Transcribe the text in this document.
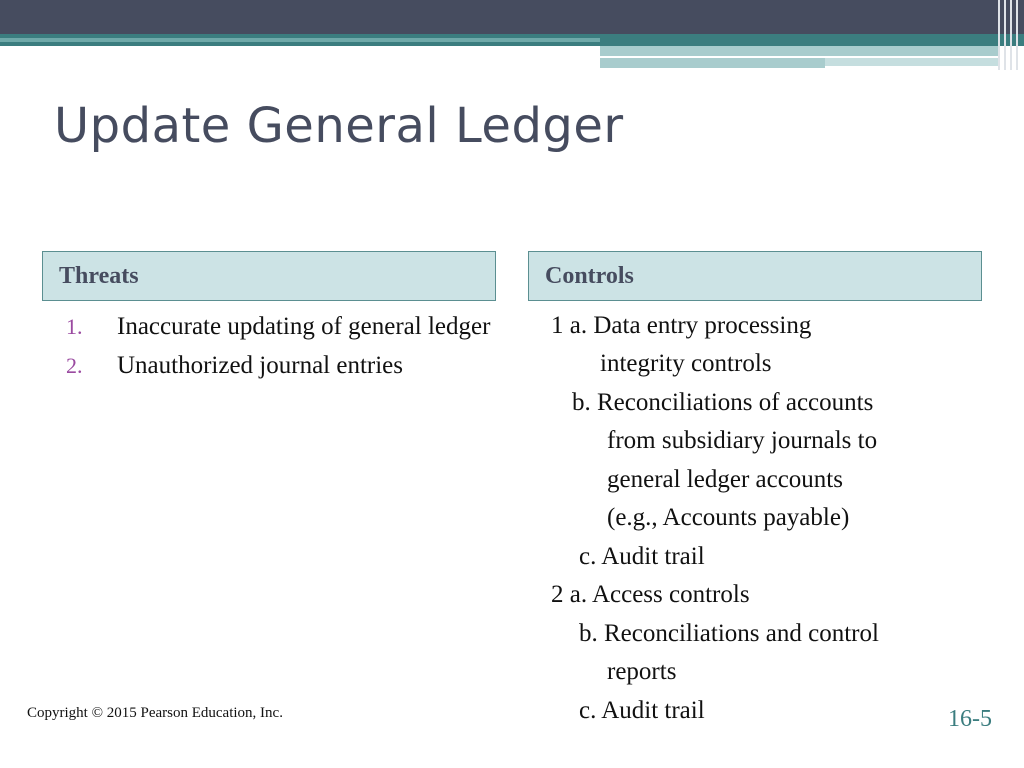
Update General Ledger
Threats	Controls
1. Inaccurate updating of general ledger
2. Unauthorized journal entries
1 a. Data entry processing
integrity controls
b. Reconciliations of accounts
from subsidiary journals to
general ledger accounts
(e.g., Accounts payable)
c. Audit trail
2 a. Access controls
b. Reconciliations and control
reports
c. Audit trail
Copyright © 2015 Pearson Education, Inc.	16-5
